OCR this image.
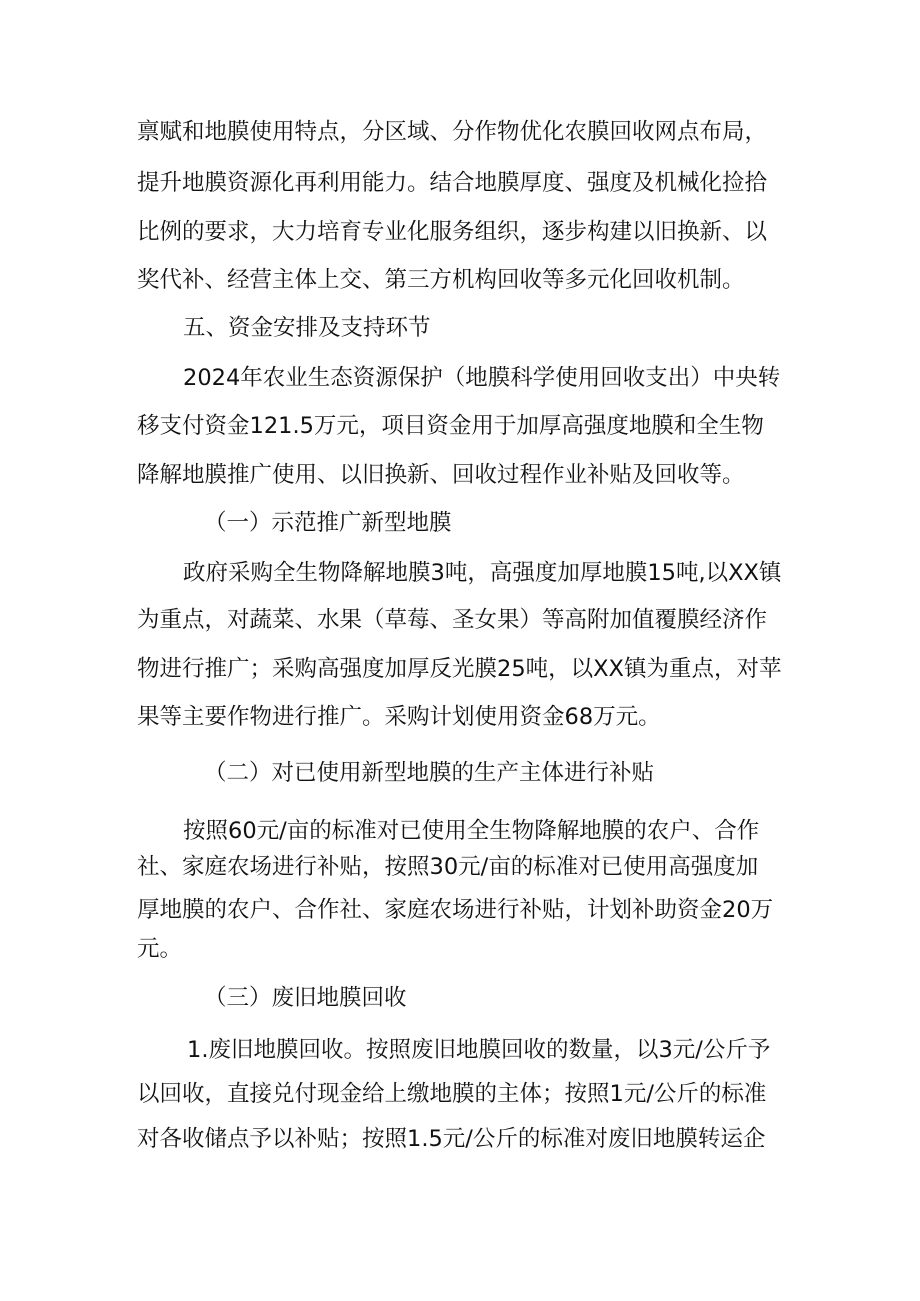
禀赋和地膜使用特点，分区域、分作物优化农膜回收网点布局，

提升地膜资源化再利用能力。结合地膜厚度、强度及机械化捡拾

比例的要求，大力培育专业化服务组织，逐步构建以旧换新、以

奖代补、经营主体上交、第三方机构回收等多元化回收机制。

五、资金安排及支持环节

2024年农业生态资源保护（地膜科学使用回收支出）中央转

移支付资金121.5万元，项目资金用于加厚高强度地膜和全生物

降解地膜推广使用、以旧换新、回收过程作业补贴及回收等。

（一）示范推广新型地膜

政府采购全生物降解地膜3吨，高强度加厚地膜15吨,以XX镇

为重点，对蔬菜、水果（草莓、圣女果）等高附加值覆膜经济作

物进行推广；采购高强度加厚反光膜25吨，以XX镇为重点，对苹

果等主要作物进行推广。采购计划使用资金68万元。

（二）对已使用新型地膜的生产主体进行补贴

按照60元/亩的标准对已使用全生物降解地膜的农户、合作

社、家庭农场进行补贴，按照30元/亩的标准对已使用高强度加

厚地膜的农户、合作社、家庭农场进行补贴，计划补助资金20万

元。

（三）废旧地膜回收

1.废旧地膜回收。按照废旧地膜回收的数量，以3元/公斤予

以回收，直接兑付现金给上缴地膜的主体；按照1元/公斤的标准

对各收储点予以补贴；按照1.5元/公斤的标准对废旧地膜转运企
